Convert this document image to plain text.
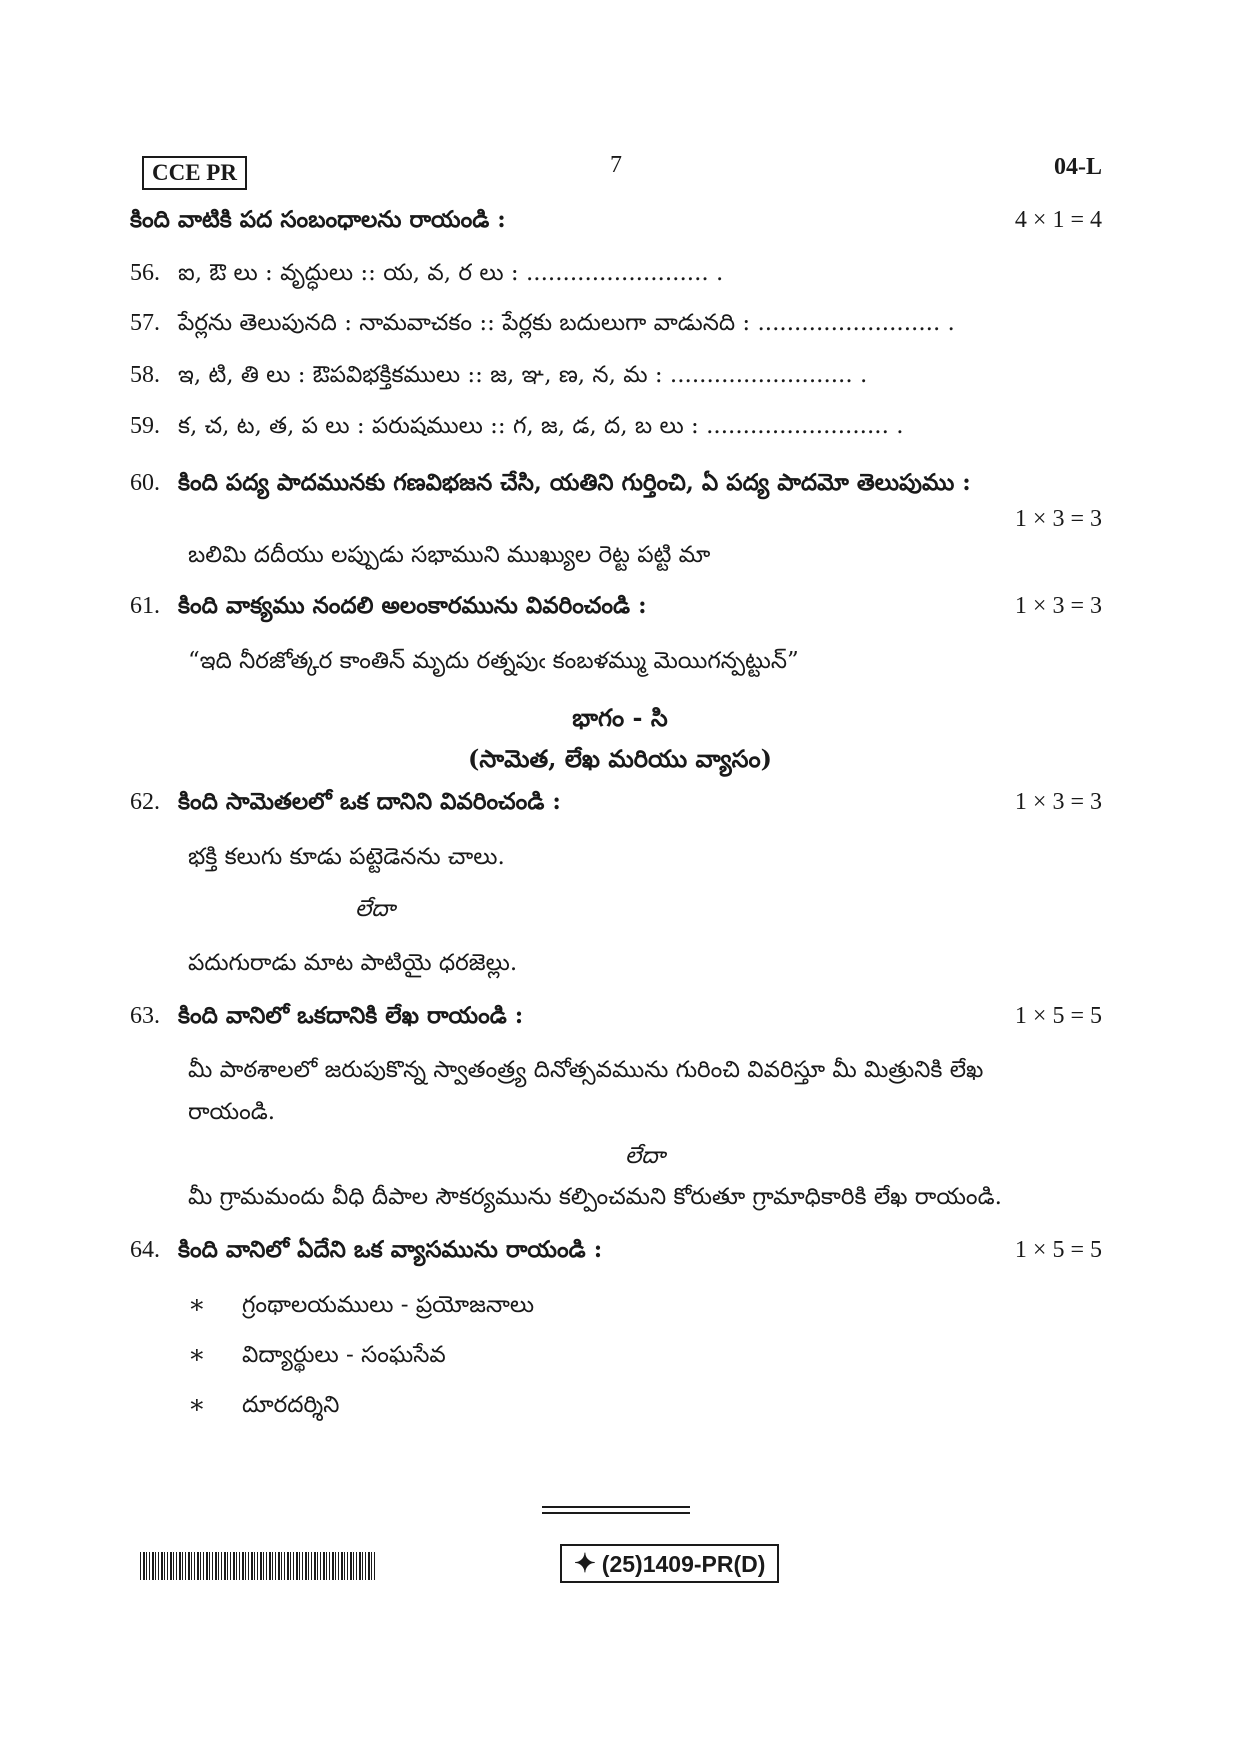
CCE PR	7	04-L
కింది వాటికి పద సంబంధాలను రాయండి :	4 × 1 = 4
56. ఐ, ఔ లు : వృద్ధులు :: య, వ, ర లు : ......................... .
57. పేర్లను తెలుపునది : నామవాచకం :: పేర్లకు బదులుగా వాడునది : ......................... .
58. ఇ, టి, తి లు : ఔపవిభక్తికములు :: జ, ఞ, ణ, న, మ : ......................... .
59. క, చ, ట, త, ప లు : పరుషములు :: గ, జ, డ, ద, బ లు : ......................... .
60. కింది పద్య పాదమునకు గణవిభజన చేసి, యతిని గుర్తించి, ఏ పద్య పాదమో తెలుపుము :
1 × 3 = 3
బలిమి దదీయు లప్పుడు సభాముని ముఖ్యుల రెట్ట పట్టి మా
61. కింది వాక్యము నందలి అలంకారమును వివరించండి :	1 × 3 = 3
“ఇది నీరజోత్కర కాంతిన్ మృదు రత్నపుఁ కంబళమ్ము మెయిగన్పట్టున్”
భాగం - సి
(సామెత, లేఖ మరియు వ్యాసం)
62. కింది సామెతలలో ఒక దానిని వివరించండి :	1 × 3 = 3
భక్తి కలుగు కూడు పట్టెడెనను చాలు.
లేదా
పదుగురాడు మాట పాటియై ధరజెల్లు.
63. కింది వానిలో ఒకదానికి లేఖ రాయండి :	1 × 5 = 5
మీ పాఠశాలలో జరుపుకొన్న స్వాతంత్ర్య దినోత్సవమును గురించి వివరిస్తూ మీ మిత్రునికి లేఖ
రాయండి.
లేదా
మీ గ్రామమందు వీధి దీపాల సౌకర్యమును కల్పించమని కోరుతూ గ్రామాధికారికి లేఖ రాయండి.
64. కింది వానిలో ఏదేని ఒక వ్యాసమును రాయండి :	1 × 5 = 5
∗ గ్రంథాలయములు - ప్రయోజనాలు
∗ విద్యార్థులు - సంఘసేవ
∗ దూరదర్శిని
✦ (25)1409-PR(D)
